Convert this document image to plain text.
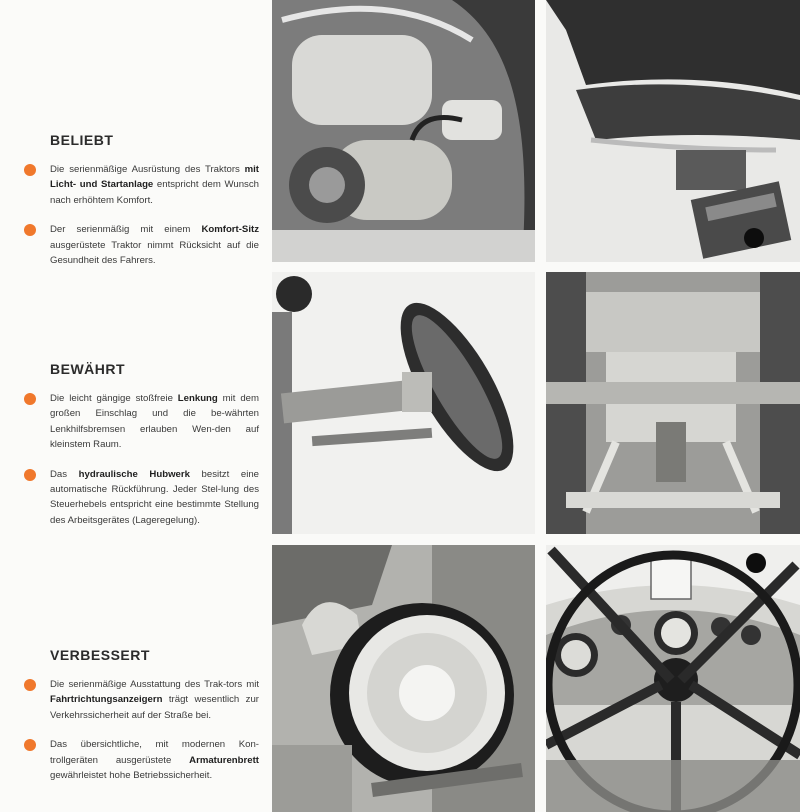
BELIEBT
Die serienmäßige Ausrüstung des Traktors mit Licht- und Startanlage entspricht dem Wunsch nach erhöhtem Komfort.
Der serienmäßig mit einem Komfort-Sitz ausgerüstete Traktor nimmt Rücksicht auf die Gesundheit des Fahrers.
BEWÄHRT
Die leicht gängige stoßfreie Lenkung mit dem großen Einschlag und die be-währten Lenkhilfsbremsen erlauben Wen-den auf kleinstem Raum.
Das hydraulische Hubwerk besitzt eine automatische Rückführung. Jeder Stel-lung des Steuerhebels entspricht eine bestimmte Stellung des Arbeitsgerätes (Lageregelung).
VERBESSERT
Die serienmäßige Ausstattung des Trak-tors mit Fahrtrichtungsanzeigern trägt wesentlich zur Verkehrssicherheit auf der Straße bei.
Das übersichtliche, mit modernen Kon-trollgeräten ausgerüstete Armaturenbrett gewährleistet hohe Betriebssicherheit.
